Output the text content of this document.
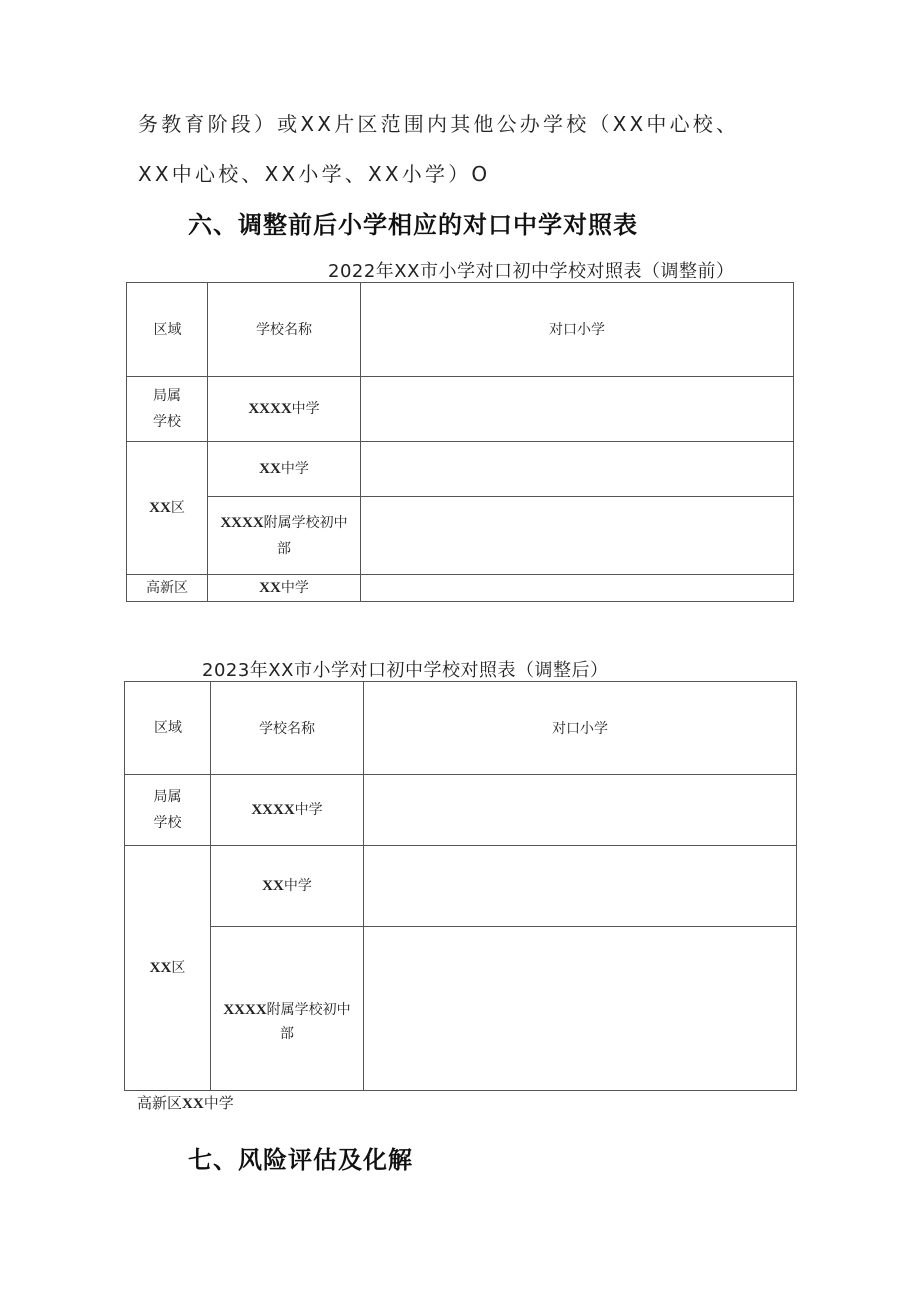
务教育阶段）或XX片区范围内其他公办学校（XX中心校、
XX中心校、XX小学、XX小学）O
六、调整前后小学相应的对口中学对照表
2022年XX市小学对口初中学校对照表（调整前）
区域	学校名称	对口小学

局属
学校	XXXX中学	
XX区	XX中学	

	XXXX附属学校初中
部	

高新区	XX中学	
2023年XX市小学对口初中学校对照表（调整后）
区域	学校名称	对口小学

局属
学校	XXXX中学	
XX区	XX中学	

	XXXX附属学校初中
部	

高新区XX中学
七、风险评估及化解
